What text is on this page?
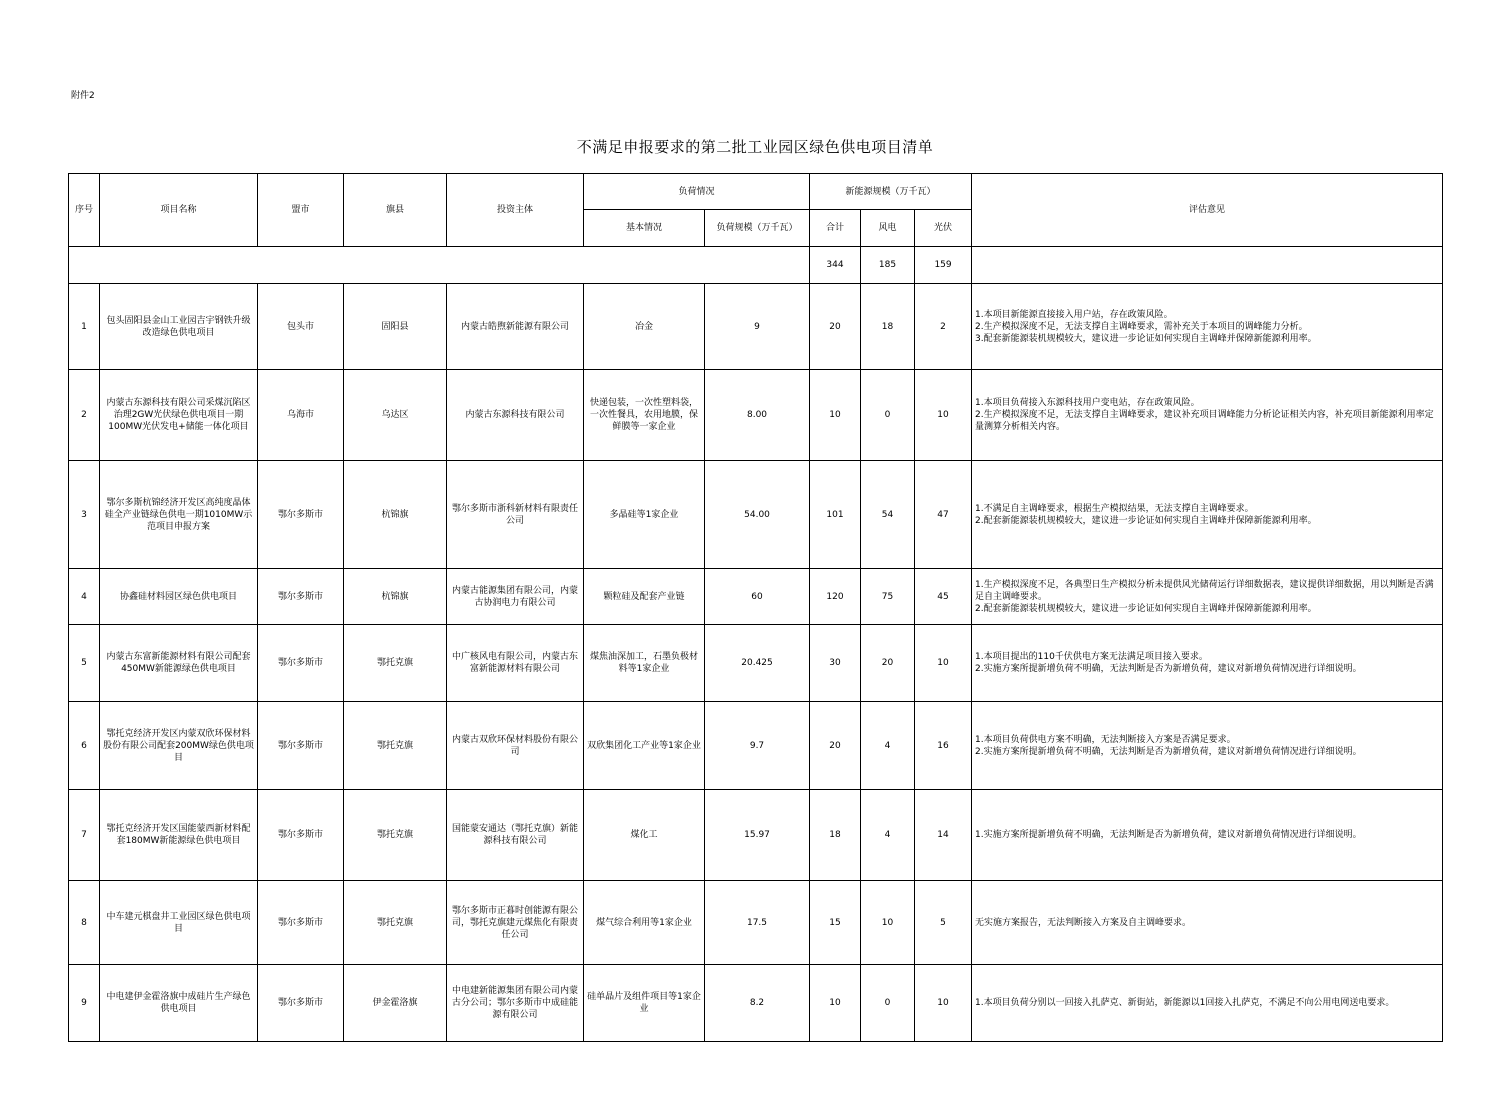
附件2
不满足申报要求的第二批工业园区绿色供电项目清单
序号	项目名称	盟市	旗县	投资主体	负荷情况		新能源规模（万千瓦）			评估意见
					基本情况	负荷规模（万千瓦）	合计	风电	光伏	
							344	185	159	
1	包头固阳县金山工业园吉宇钢铁升级改造绿色供电项目	包头市	固阳县	内蒙古皓煦新能源有限公司	冶金	9	20	18	2	1.本项目新能源直接接入用户站，存在政策风险。
2.生产模拟深度不足，无法支撑自主调峰要求，需补充关于本项目的调峰能力分析。
3.配套新能源装机规模较大，建议进一步论证如何实现自主调峰并保障新能源利用率。

2	内蒙古东源科技有限公司采煤沉陷区治理2GW光伏绿色供电项目一期100MW光伏发电+储能一体化项目	乌海市	乌达区	内蒙古东源科技有限公司	快递包装，一次性塑料袋，一次性餐具，农用地膜，保鲜膜等一家企业	8.00	10	0	10	1.本项目负荷接入东源科技用户变电站，存在政策风险。
2.生产模拟深度不足，无法支撑自主调峰要求，建议补充项目调峰能力分析论证相关内容，补充项目新能源利用率定量测算分析相关内容。

3	鄂尔多斯杭锦经济开发区高纯度晶体硅全产业链绿色供电一期1010MW示范项目申报方案	鄂尔多斯市	杭锦旗	鄂尔多斯市浙科新材料有限责任公司	多晶硅等1家企业	54.00	101	54	47	1.不满足自主调峰要求，根据生产模拟结果，无法支撑自主调峰要求。
2.配套新能源装机规模较大，建议进一步论证如何实现自主调峰并保障新能源利用率。

4	协鑫硅材料园区绿色供电项目	鄂尔多斯市	杭锦旗	内蒙古能源集团有限公司，内蒙古协润电力有限公司	颗粒硅及配套产业链	60	120	75	45	1.生产模拟深度不足，各典型日生产模拟分析未提供风光储荷运行详细数据表，建议提供详细数据，用以判断是否满足自主调峰要求。
2.配套新能源装机规模较大，建议进一步论证如何实现自主调峰并保障新能源利用率。

5	内蒙古东富新能源材料有限公司配套450MW新能源绿色供电项目	鄂尔多斯市	鄂托克旗	中广核风电有限公司，内蒙古东富新能源材料有限公司	煤焦油深加工，石墨负极材料等1家企业	20.425	30	20	10	1.本项目提出的110千伏供电方案无法满足项目接入要求。
2.实施方案所提新增负荷不明确，无法判断是否为新增负荷，建议对新增负荷情况进行详细说明。

6	鄂托克经济开发区内蒙双欣环保材料股份有限公司配套200MW绿色供电项目	鄂尔多斯市	鄂托克旗	内蒙古双欣环保材料股份有限公司	双欣集团化工产业等1家企业	9.7	20	4	16	1.本项目负荷供电方案不明确，无法判断接入方案是否满足要求。
2.实施方案所提新增负荷不明确，无法判断是否为新增负荷，建议对新增负荷情况进行详细说明。

7	鄂托克经济开发区国能蒙西新材料配套180MW新能源绿色供电项目	鄂尔多斯市	鄂托克旗	国能蒙安通达（鄂托克旗）新能源科技有限公司	煤化工	15.97	18	4	14	1.实施方案所提新增负荷不明确，无法判断是否为新增负荷，建议对新增负荷情况进行详细说明。

8	中车建元棋盘井工业园区绿色供电项目	鄂尔多斯市	鄂托克旗	鄂尔多斯市正暮时创能源有限公司，鄂托克旗建元煤焦化有限责任公司	煤气综合利用等1家企业	17.5	15	10	5	无实施方案报告，无法判断接入方案及自主调峰要求。

9	中电建伊金霍洛旗中成硅片生产绿色供电项目	鄂尔多斯市	伊金霍洛旗	中电建新能源集团有限公司内蒙古分公司；鄂尔多斯市中成硅能源有限公司	硅单晶片及组件项目等1家企业	8.2	10	0	10	1.本项目负荷分别以一回接入扎萨克、新街站，新能源以1回接入扎萨克，不满足不向公用电网送电要求。
